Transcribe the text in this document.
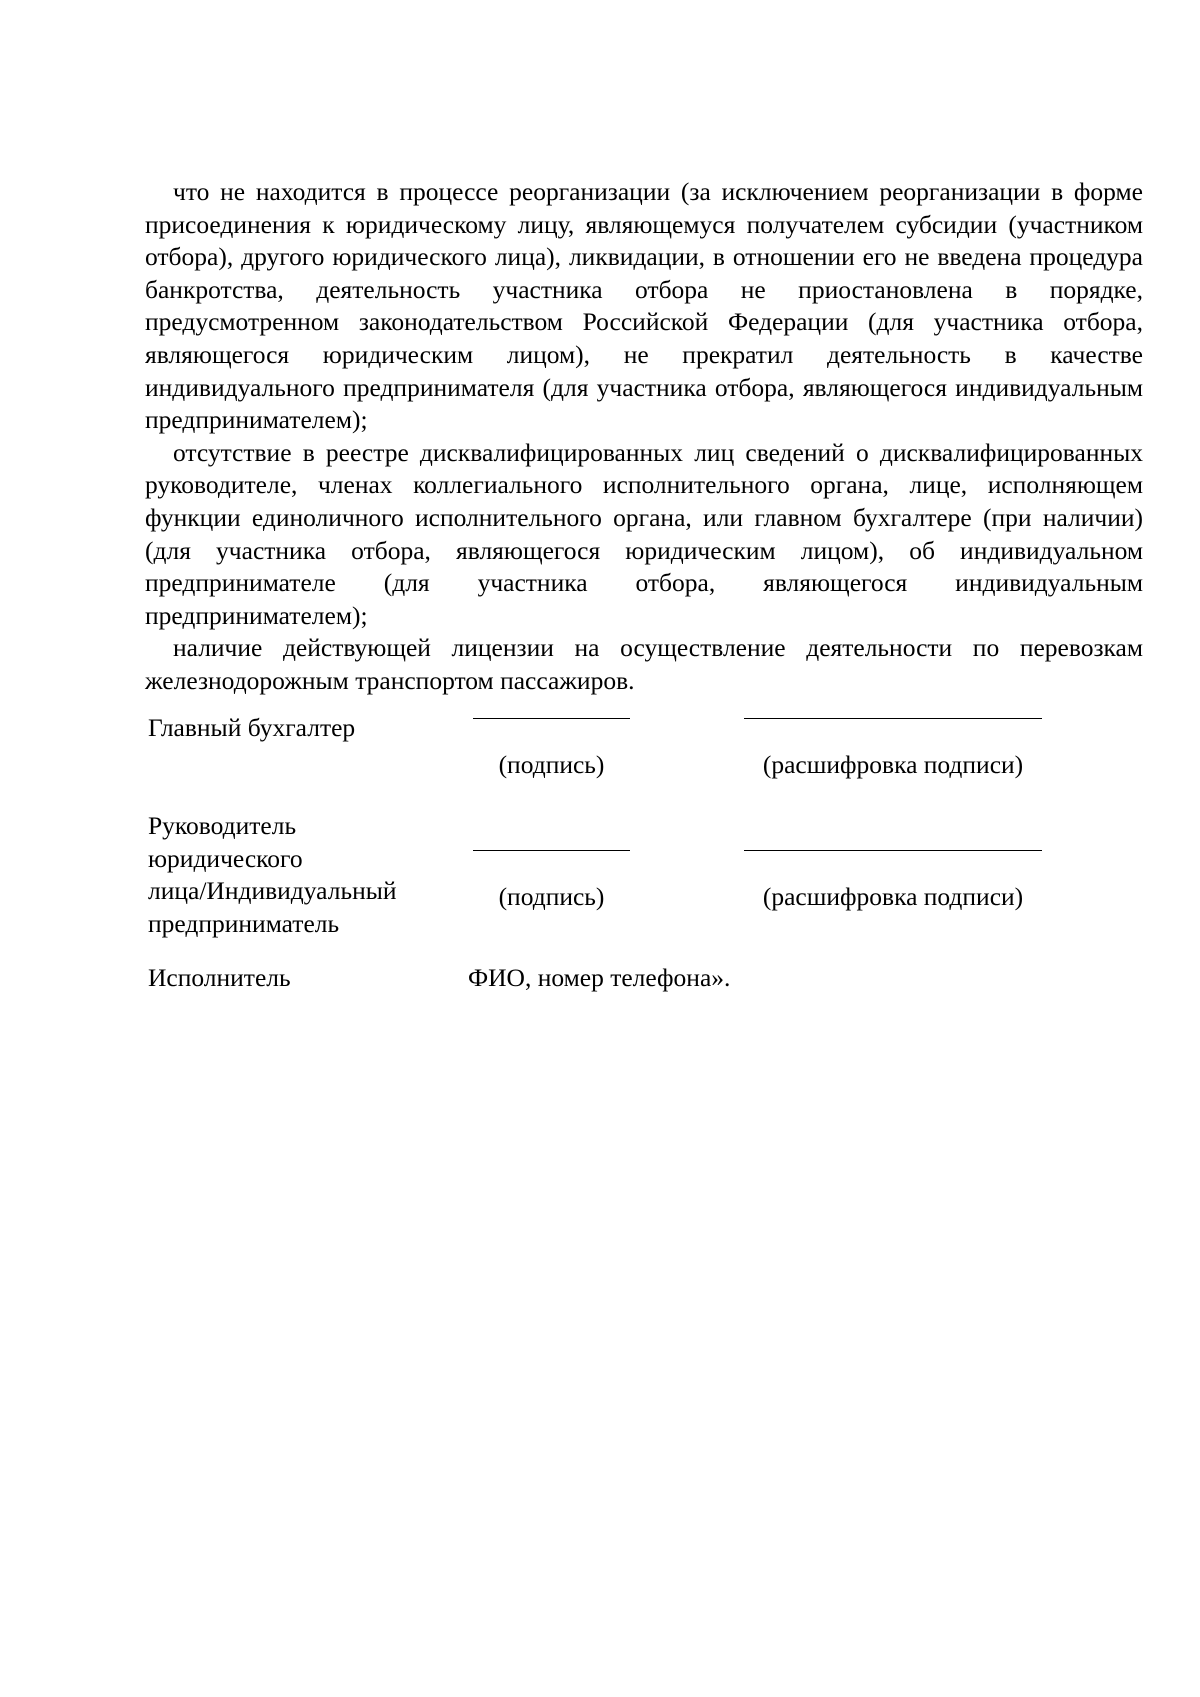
что не находится в процессе реорганизации (за исключением реорганизации в форме присоединения к юридическому лицу, являющемуся получателем субсидии (участником отбора), другого юридического лица), ликвидации, в отношении его не введена процедура банкротства, деятельность участника отбора не приостановлена в порядке, предусмотренном законодательством Российской Федерации (для участника отбора, являющегося юридическим лицом), не прекратил деятельность в качестве индивидуального предпринимателя (для участника отбора, являющегося индивидуальным предпринимателем);

отсутствие в реестре дисквалифицированных лиц сведений о дисквалифицированных руководителе, членах коллегиального исполнительного органа, лице, исполняющем функции единоличного исполнительного органа, или главном бухгалтере (при наличии) (для участника отбора, являющегося юридическим лицом), об индивидуальном предпринимателе (для участника отбора, являющегося индивидуальным предпринимателем);

наличие действующей лицензии на осуществление деятельности по перевозкам железнодорожным транспортом пассажиров.

Главный бухгалтер
(подпись)	(расшифровка подписи)
Руководитель
юридического
лица/Индивидуальный
предприниматель
(подпись)	(расшифровка подписи)
Исполнитель	ФИО, номер телефона».
